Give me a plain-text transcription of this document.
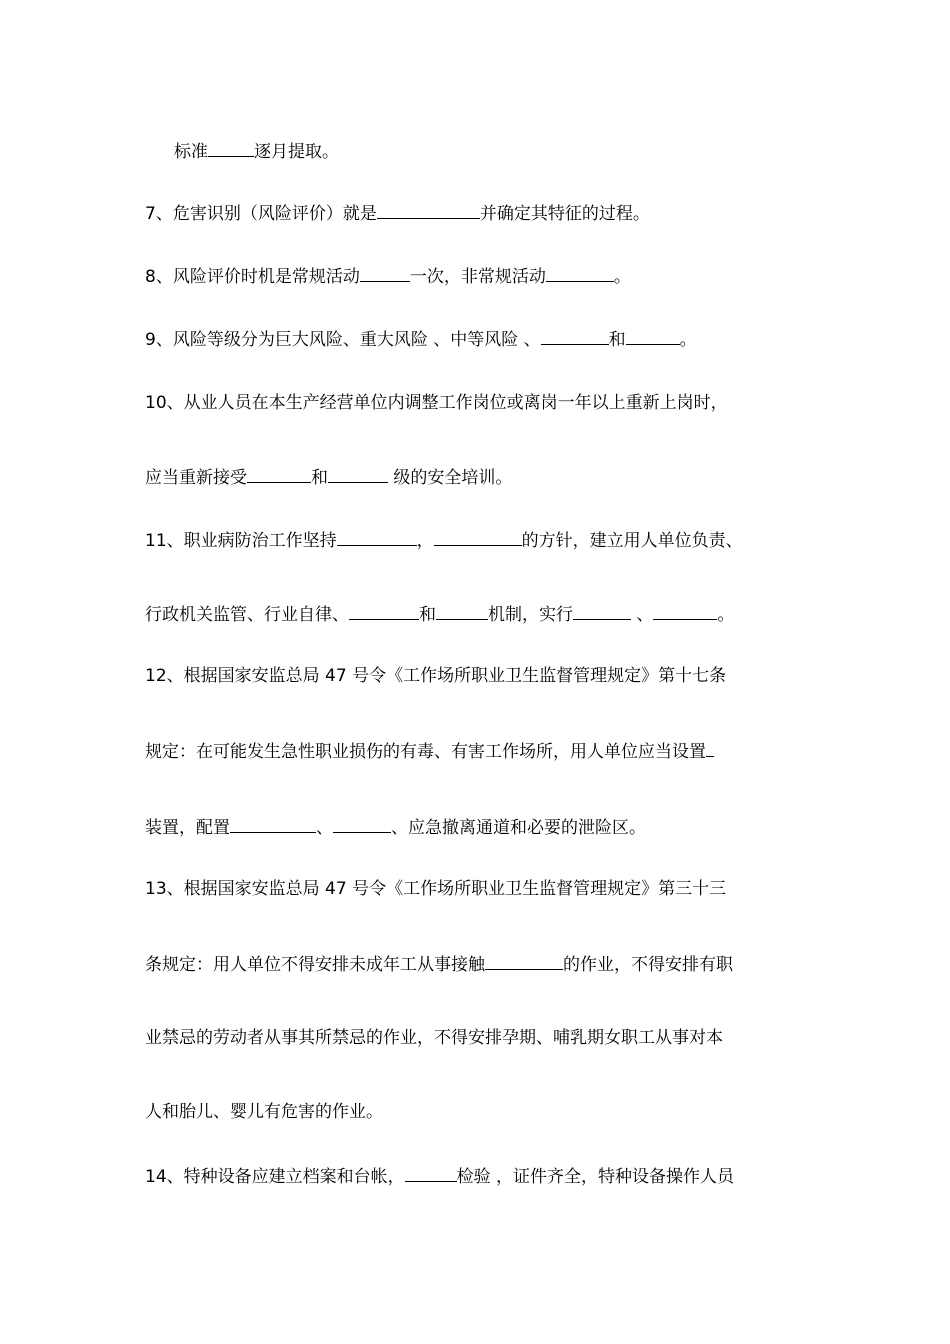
标准	逐月提取。
7、危害识别（风险评价）就是	并确定其特征的过程。
8、风险评价时机是常规活动	一次，非常规活动	。
9、风险等级分为巨大风险、重大风险 、中等风险 、	和	。
10、从业人员在本生产经营单位内调整工作岗位或离岗一年以上重新上岗时，
应当重新接受	和	级的安全培训。
11、职业病防治工作坚持	，	的方针，建立用人单位负责、
行政机关监管、行业自律、	和	机制，实行	、	。
12、根据国家安监总局 47 号令《工作场所职业卫生监督管理规定》第十七条
规定：在可能发生急性职业损伤的有毒、有害工作场所，用人单位应当设置
装置，配置	、	、应急撤离通道和必要的泄险区。
13、根据国家安监总局 47 号令《工作场所职业卫生监督管理规定》第三十三
条规定：用人单位不得安排未成年工从事接触	的作业，不得安排有职
业禁忌的劳动者从事其所禁忌的作业，不得安排孕期、哺乳期女职工从事对本
人和胎儿、婴儿有危害的作业。
14、特种设备应建立档案和台帐，	检验 ，证件齐全，特种设备操作人员
